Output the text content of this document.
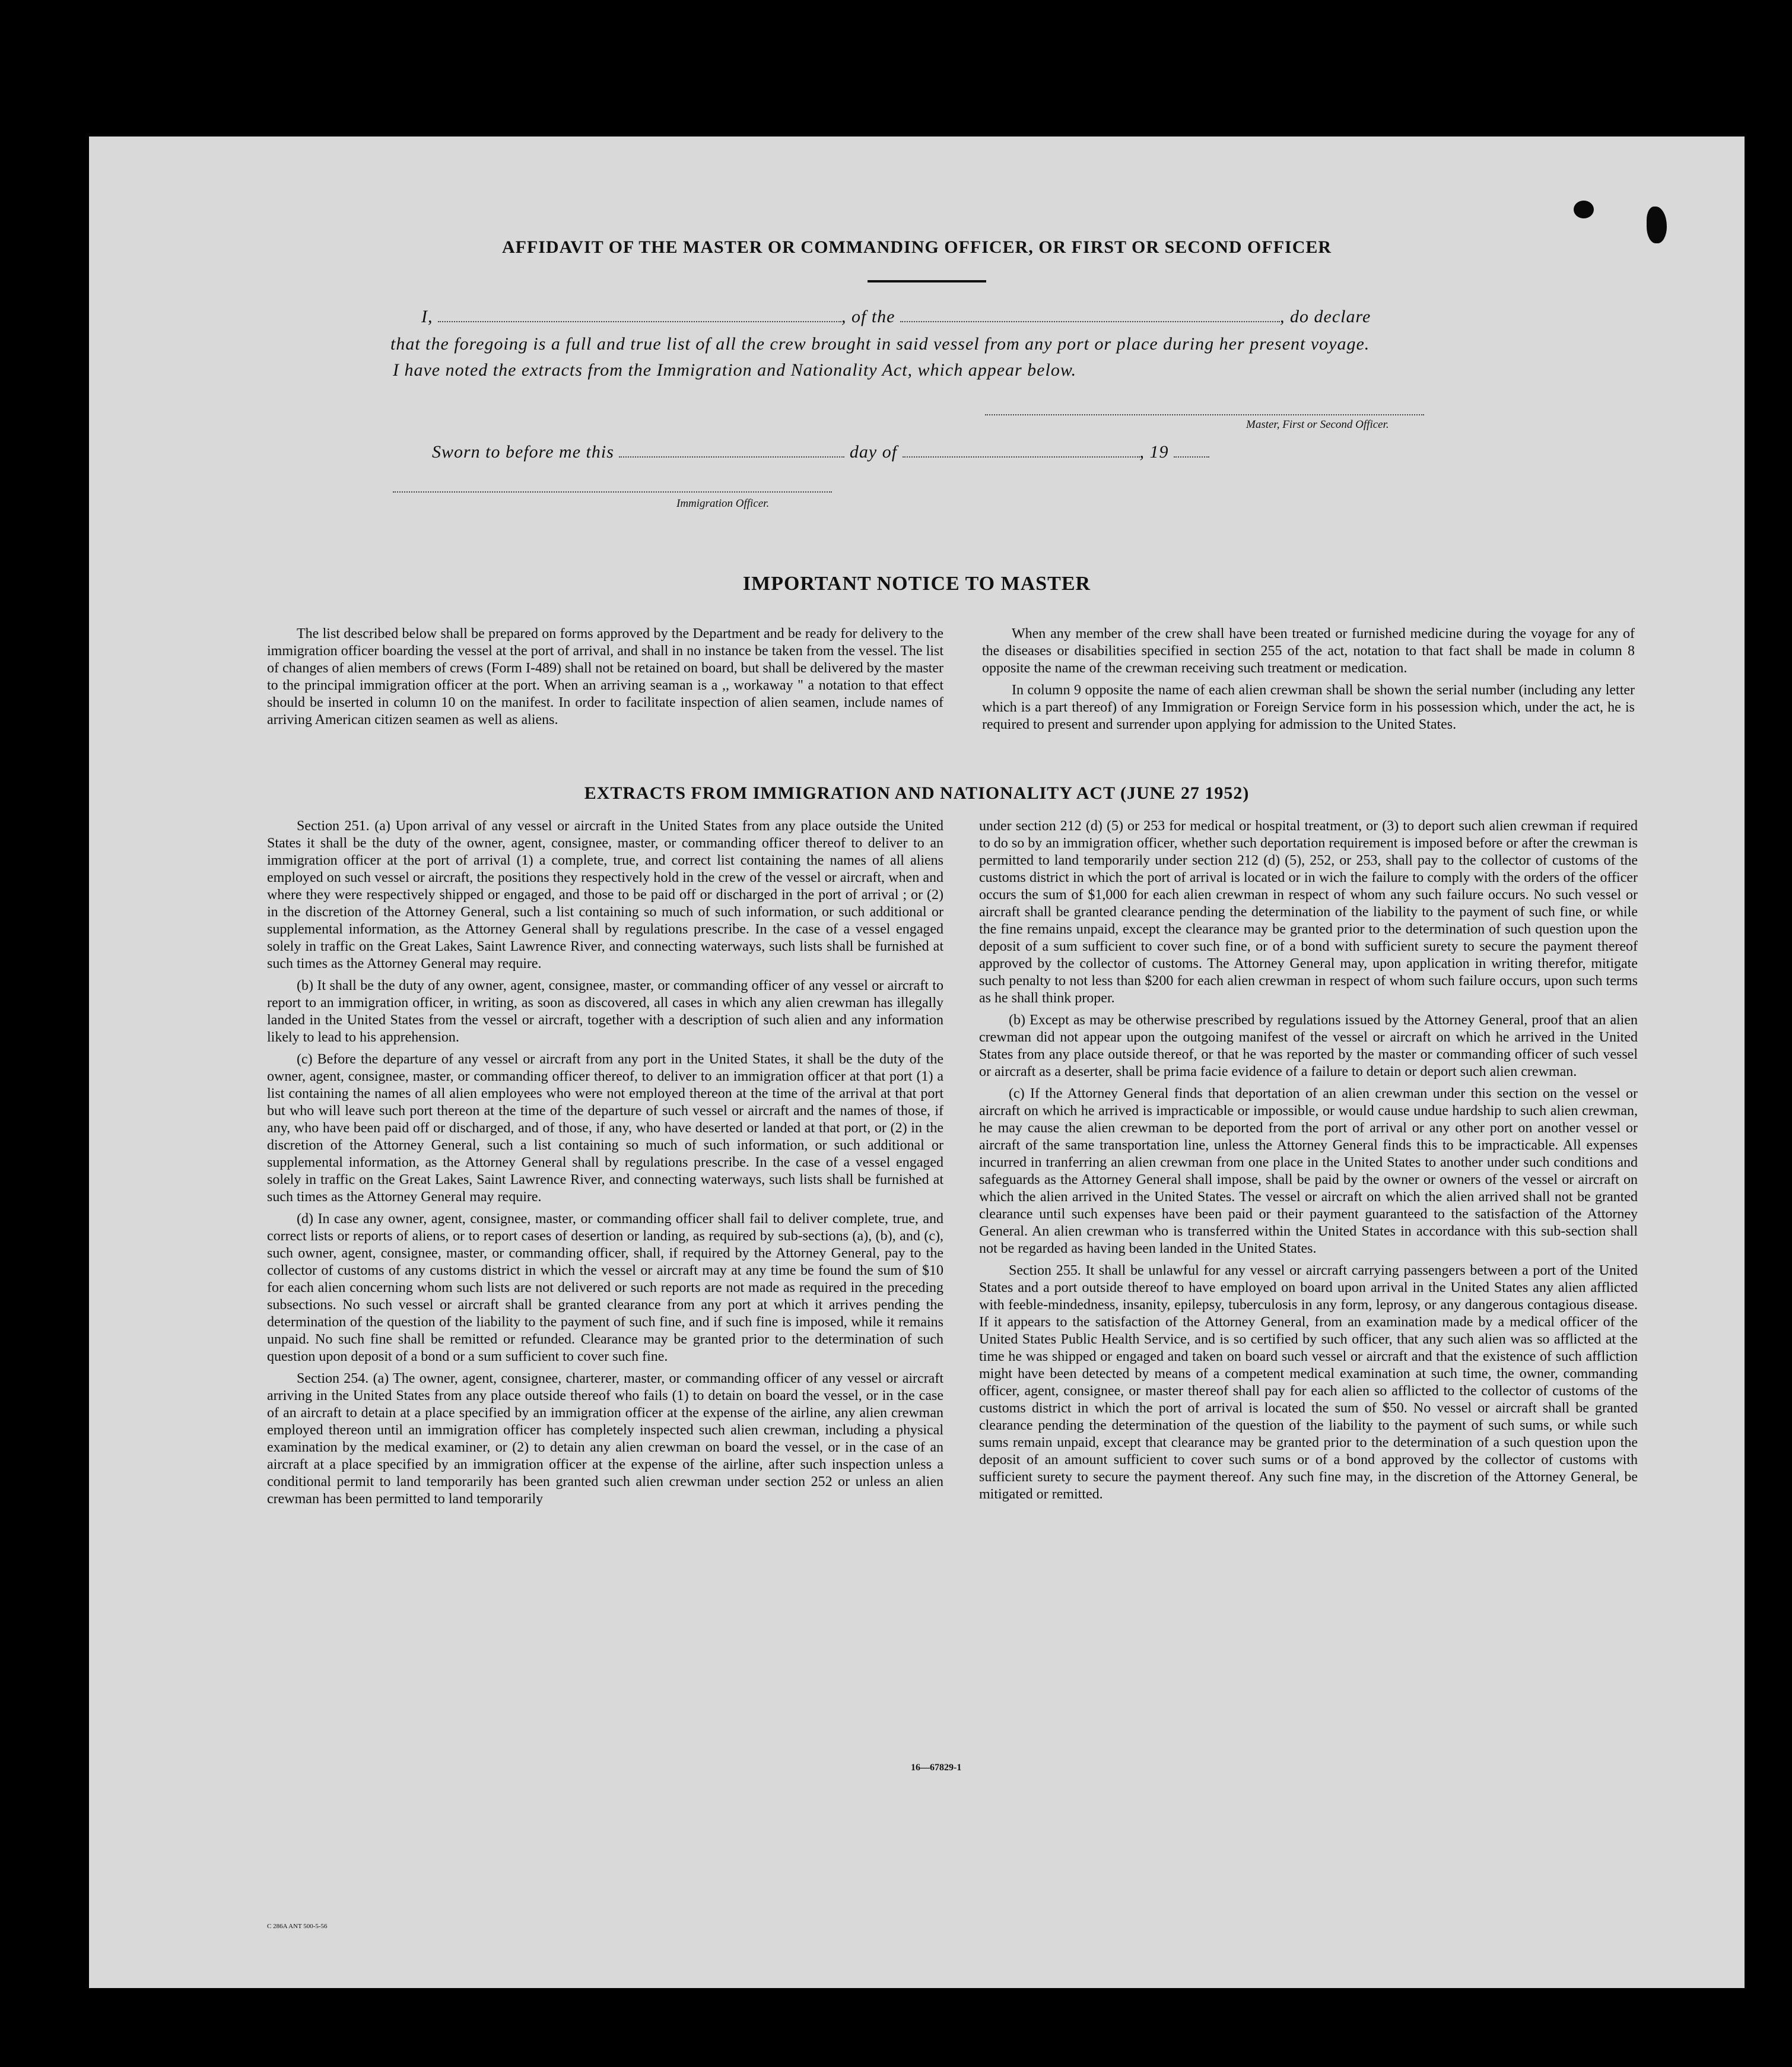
AFFIDAVIT OF THE MASTER OR COMMANDING OFFICER, OR FIRST OR SECOND OFFICER
I,	, of the	, do declare
that the foregoing is a full and true list of all the crew brought in said vessel from any port or place during her present voyage.
I have noted the extracts from the Immigration and Nationality Act, which appear below.
Master, First or Second Officer.
Sworn to before me this	day of	, 19
Immigration Officer.
IMPORTANT NOTICE TO MASTER

The list described below shall be prepared on forms approved by the Department and be ready for delivery to the immigration officer boarding the vessel at the port of arrival, and shall in no instance be taken from the vessel. The list of changes of alien members of crews (Form I-489) shall not be retained on board, but shall be delivered by the master to the principal immigration officer at the port. When an arriving seaman is a ,, workaway " a notation to that effect should be inserted in column 10 on the manifest. In order to facilitate inspection of alien seamen, include names of arriving American citizen seamen as well as aliens.

When any member of the crew shall have been treated or furnished medicine during the voyage for any of the diseases or disabilities specified in section 255 of the act, notation to that fact shall be made in column 8 opposite the name of the crewman receiving such treatment or medication.

In column 9 opposite the name of each alien crewman shall be shown the serial number (including any letter which is a part thereof) of any Immigration or Foreign Service form in his possession which, under the act, he is required to present and surrender upon applying for admission to the United States.

EXTRACTS FROM IMMIGRATION AND NATIONALITY ACT (JUNE 27 1952)

Section 251. (a) Upon arrival of any vessel or aircraft in the United States from any place outside the United States it shall be the duty of the owner, agent, consignee, master, or commanding officer thereof to deliver to an immigration officer at the port of arrival (1) a complete, true, and correct list containing the names of all aliens employed on such vessel or aircraft, the positions they respectively hold in the crew of the vessel or aircraft, when and where they were respectively shipped or engaged, and those to be paid off or discharged in the port of arrival ; or (2) in the discretion of the Attorney General, such a list containing so much of such information, or such additional or supplemental information, as the Attorney General shall by regulations prescribe. In the case of a vessel engaged solely in traffic on the Great Lakes, Saint Lawrence River, and connecting waterways, such lists shall be furnished at such times as the Attorney General may require.

(b) It shall be the duty of any owner, agent, consignee, master, or commanding officer of any vessel or aircraft to report to an immigration officer, in writing, as soon as discovered, all cases in which any alien crewman has illegally landed in the United States from the vessel or aircraft, together with a description of such alien and any information likely to lead to his apprehension.

(c) Before the departure of any vessel or aircraft from any port in the United States, it shall be the duty of the owner, agent, consignee, master, or commanding officer thereof, to deliver to an immigration officer at that port (1) a list containing the names of all alien employees who were not employed thereon at the time of the arrival at that port but who will leave such port thereon at the time of the departure of such vessel or aircraft and the names of those, if any, who have been paid off or discharged, and of those, if any, who have deserted or landed at that port, or (2) in the discretion of the Attorney General, such a list containing so much of such information, or such additional or supplemental information, as the Attorney General shall by regulations prescribe. In the case of a vessel engaged solely in traffic on the Great Lakes, Saint Lawrence River, and connecting waterways, such lists shall be furnished at such times as the Attorney General may require.

(d) In case any owner, agent, consignee, master, or commanding officer shall fail to deliver complete, true, and correct lists or reports of aliens, or to report cases of desertion or landing, as required by sub-sections (a), (b), and (c), such owner, agent, consignee, master, or commanding officer, shall, if required by the Attorney General, pay to the collector of customs of any customs district in which the vessel or aircraft may at any time be found the sum of $10 for each alien concerning whom such lists are not delivered or such reports are not made as required in the preceding subsections. No such vessel or aircraft shall be granted clearance from any port at which it arrives pending the determination of the question of the liability to the payment of such fine, and if such fine is imposed, while it remains unpaid. No such fine shall be remitted or refunded. Clearance may be granted prior to the determination of such question upon deposit of a bond or a sum sufficient to cover such fine.

Section 254. (a) The owner, agent, consignee, charterer, master, or commanding officer of any vessel or aircraft arriving in the United States from any place outside thereof who fails (1) to detain on board the vessel, or in the case of an aircraft to detain at a place specified by an immigration officer at the expense of the airline, any alien crewman employed thereon until an immigration officer has completely inspected such alien crewman, including a physical examination by the medical examiner, or (2) to detain any alien crewman on board the vessel, or in the case of an aircraft at a place specified by an immigration officer at the expense of the airline, after such inspection unless a conditional permit to land temporarily has been granted such alien crewman under section 252 or unless an alien crewman has been permitted to land temporarily

under section 212 (d) (5) or 253 for medical or hospital treatment, or (3) to deport such alien crewman if required to do so by an immigration officer, whether such deportation requirement is imposed before or after the crewman is permitted to land temporarily under section 212 (d) (5), 252, or 253, shall pay to the collector of customs of the customs district in which the port of arrival is located or in wich the failure to comply with the orders of the officer occurs the sum of $1,000 for each alien crewman in respect of whom any such failure occurs. No such vessel or aircraft shall be granted clearance pending the determination of the liability to the payment of such fine, or while the fine remains unpaid, except the clearance may be granted prior to the determination of such question upon the deposit of a sum sufficient to cover such fine, or of a bond with sufficient surety to secure the payment thereof approved by the collector of customs. The Attorney General may, upon application in writing therefor, mitigate such penalty to not less than $200 for each alien crewman in respect of whom such failure occurs, upon such terms as he shall think proper.

(b) Except as may be otherwise prescribed by regulations issued by the Attorney General, proof that an alien crewman did not appear upon the outgoing manifest of the vessel or aircraft on which he arrived in the United States from any place outside thereof, or that he was reported by the master or commanding officer of such vessel or aircraft as a deserter, shall be prima facie evidence of a failure to detain or deport such alien crewman.

(c) If the Attorney General finds that deportation of an alien crewman under this section on the vessel or aircraft on which he arrived is impracticable or impossible, or would cause undue hardship to such alien crewman, he may cause the alien crewman to be deported from the port of arrival or any other port on another vessel or aircraft of the same transportation line, unless the Attorney General finds this to be impracticable. All expenses incurred in tranferring an alien crewman from one place in the United States to another under such conditions and safeguards as the Attorney General shall impose, shall be paid by the owner or owners of the vessel or aircraft on which the alien arrived in the United States. The vessel or aircraft on which the alien arrived shall not be granted clearance until such expenses have been paid or their payment guaranteed to the satisfaction of the Attorney General. An alien crewman who is transferred within the United States in accordance with this sub-section shall not be regarded as having been landed in the United States.

Section 255. It shall be unlawful for any vessel or aircraft carrying passengers between a port of the United States and a port outside thereof to have employed on board upon arrival in the United States any alien afflicted with feeble-mindedness, insanity, epilepsy, tuberculosis in any form, leprosy, or any dangerous contagious disease. If it appears to the satisfaction of the Attorney General, from an examination made by a medical officer of the United States Public Health Service, and is so certified by such officer, that any such alien was so afflicted at the time he was shipped or engaged and taken on board such vessel or aircraft and that the existence of such affliction might have been detected by means of a competent medical examination at such time, the owner, commanding officer, agent, consignee, or master thereof shall pay for each alien so afflicted to the collector of customs of the customs district in which the port of arrival is located the sum of $50. No vessel or aircraft shall be granted clearance pending the determination of the question of the liability to the payment of such sums, or while such sums remain unpaid, except that clearance may be granted prior to the determination of a such question upon the deposit of an amount sufficient to cover such sums or of a bond approved by the collector of customs with sufficient surety to secure the payment thereof. Any such fine may, in the discretion of the Attorney General, be mitigated or remitted.

16—67829-1
C 286A ANT 500-5-56
